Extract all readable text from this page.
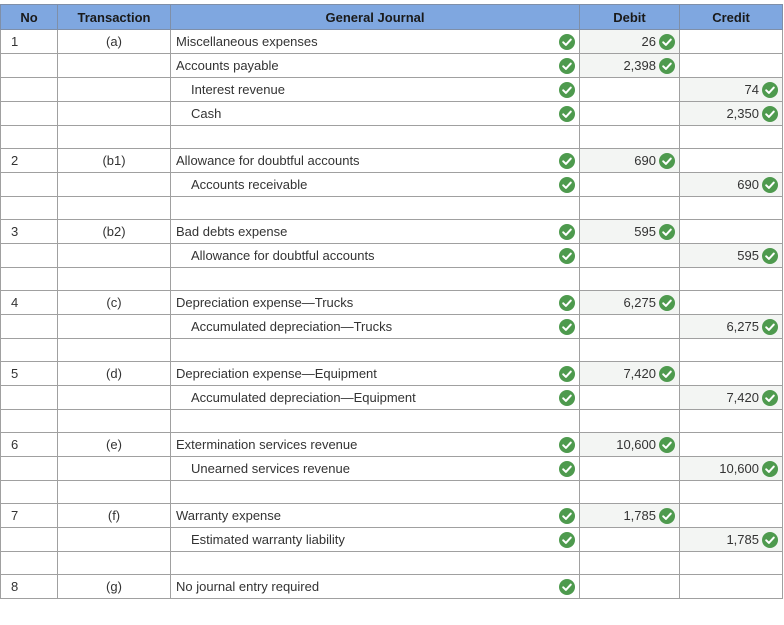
No	Transaction	General Journal	Debit	Credit
1	(a)	Miscellaneous expenses	26	
		Accounts payable	2,398	
		Interest revenue		74
		Cash		2,350

2	(b1)	Allowance for doubtful accounts	690	
		Accounts receivable		690

3	(b2)	Bad debts expense	595	
		Allowance for doubtful accounts		595

4	(c)	Depreciation expense—Trucks	6,275	
		Accumulated depreciation—Trucks		6,275

5	(d)	Depreciation expense—Equipment	7,420	
		Accumulated depreciation—Equipment		7,420

6	(e)	Extermination services revenue	10,600	
		Unearned services revenue		10,600

7	(f)	Warranty expense	1,785	
		Estimated warranty liability		1,785

8	(g)	No journal entry required
